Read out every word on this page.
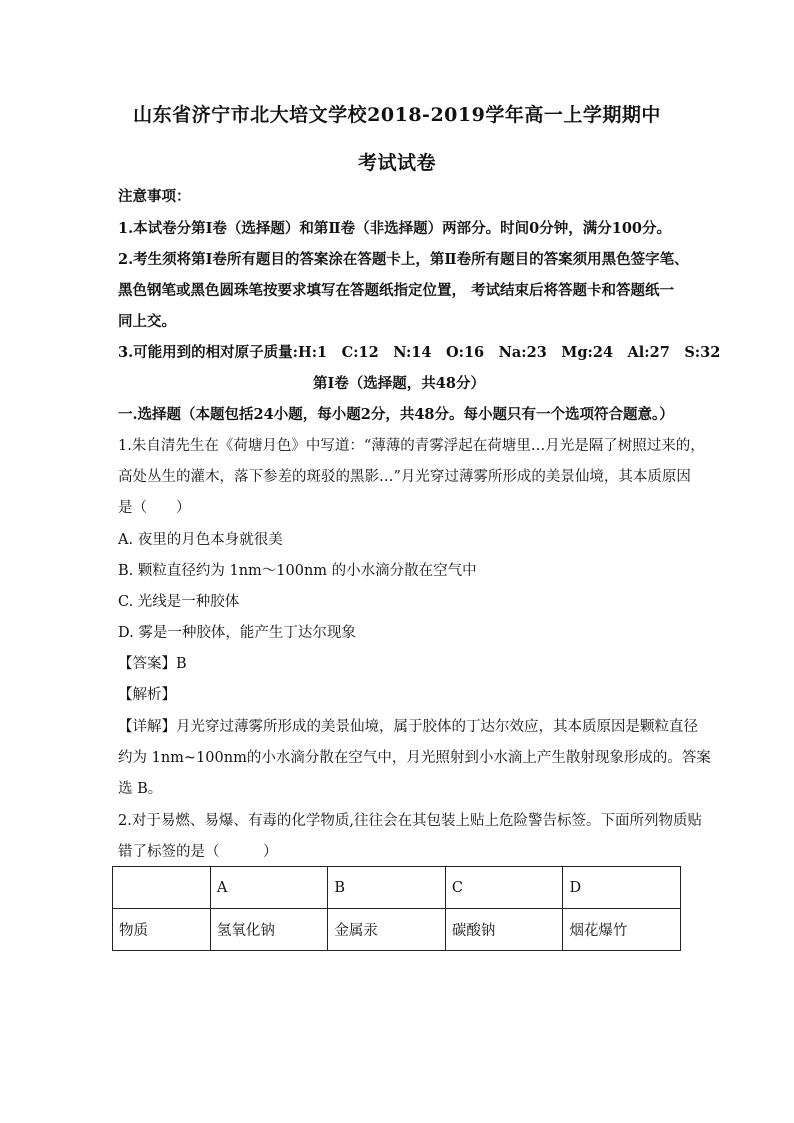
山东省济宁市北大培文学校2018-2019学年高一上学期期中
考试试卷
注意事项：
1.本试卷分第Ⅰ卷（选择题）和第Ⅱ卷（非选择题）两部分。时间0分钟，满分100分。
2.考生须将第Ⅰ卷所有题目的答案涂在答题卡上，第Ⅱ卷所有题目的答案须用黑色签字笔、
黑色钢笔或黑色圆珠笔按要求填写在答题纸指定位置， 考试结束后将答题卡和答题纸一
同上交。
3.可能用到的相对原子质量:H:1　C:12　N:14　O:16　Na:23　Mg:24　Al:27　S:32
第Ⅰ卷（选择题，共48分）
一.选择题（本题包括24小题，每小题2分，共48分。每小题只有一个选项符合题意。）
1.朱自清先生在《荷塘月色》中写道：“薄薄的青雾浮起在荷塘里…月光是隔了树照过来的，
高处丛生的灌木，落下参差的斑驳的黑影…”月光穿过薄雾所形成的美景仙境，其本质原因
是（　　）
A. 夜里的月色本身就很美
B. 颗粒直径约为 1nm～100nm 的小水滴分散在空气中
C. 光线是一种胶体
D. 雾是一种胶体，能产生丁达尔现象
【答案】B
【解析】
【详解】月光穿过薄雾所形成的美景仙境，属于胶体的丁达尔效应，其本质原因是颗粒直径
约为 1nm~100nm的小水滴分散在空气中，月光照射到小水滴上产生散射现象形成的。答案
选 B。
2.对于易燃、易爆、有毒的化学物质,往往会在其包装上贴上危险警告标签。下面所列物质贴
错了标签的是（　　　）
	A	B	C	D
物质	氢氧化钠	金属汞	碳酸钠	烟花爆竹
